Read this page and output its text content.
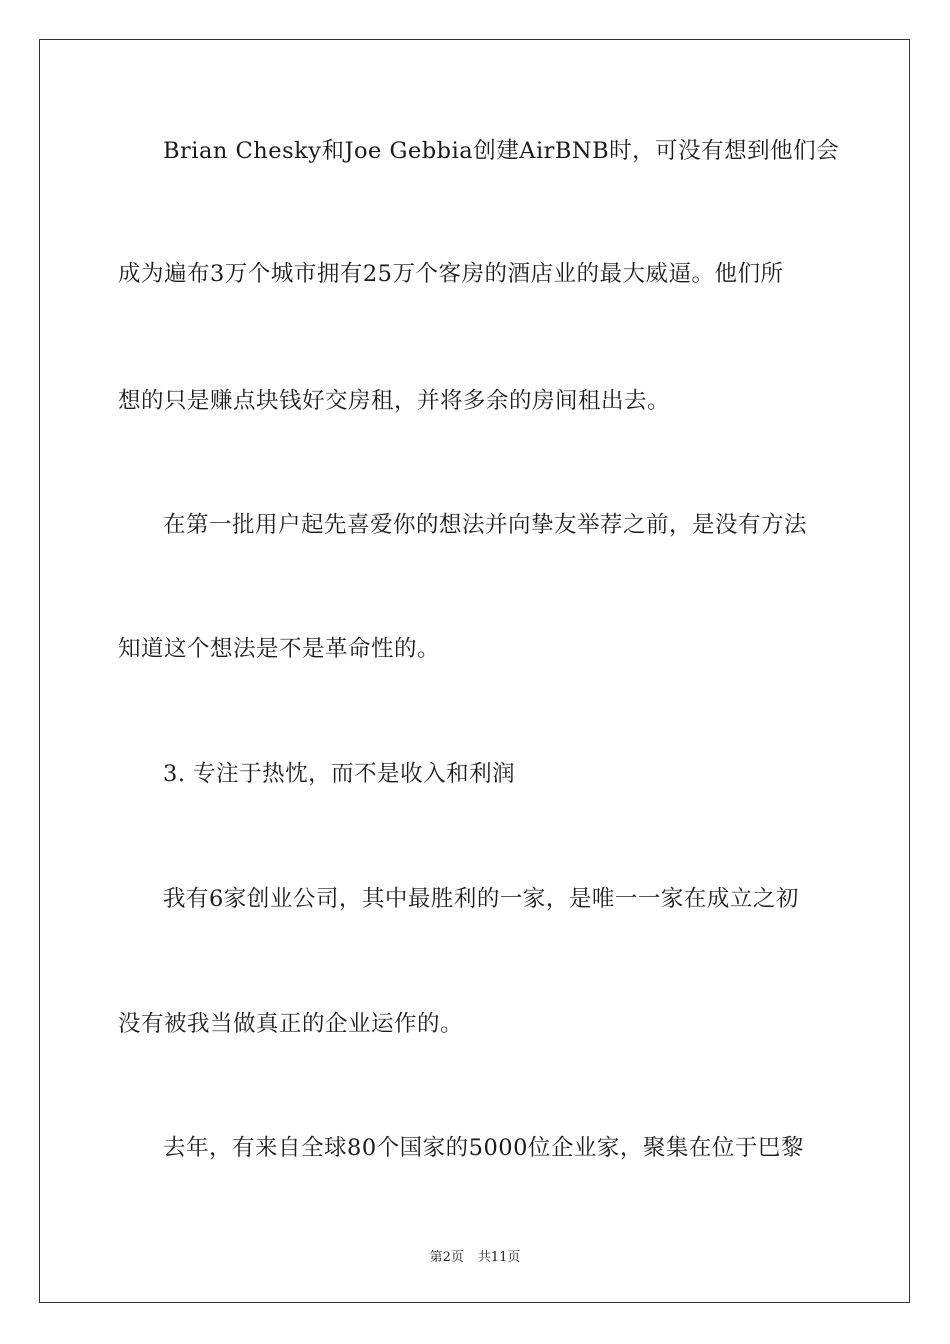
Brian Chesky和Joe Gebbia创建AirBNB时，可没有想到他们会
成为遍布3万个城市拥有25万个客房的酒店业的最大威逼。他们所
想的只是赚点块钱好交房租，并将多余的房间租出去。
在第一批用户起先喜爱你的想法并向挚友举荐之前，是没有方法
知道这个想法是不是革命性的。
3. 专注于热忱，而不是收入和利润
我有6家创业公司，其中最胜利的一家，是唯一一家在成立之初
没有被我当做真正的企业运作的。
去年，有来自全球80个国家的5000位企业家，聚集在位于巴黎
第2页 共11页
